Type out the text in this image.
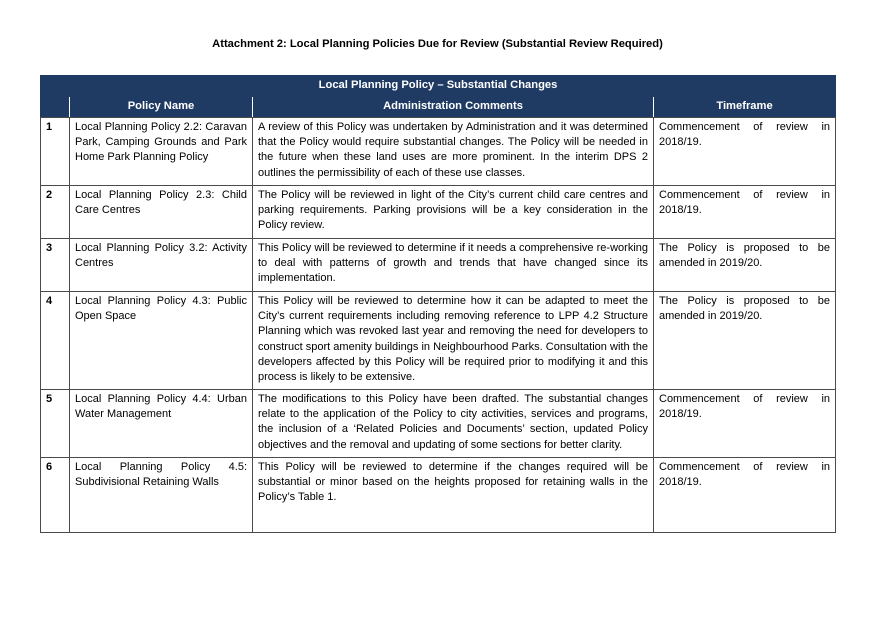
Attachment 2: Local Planning Policies Due for Review (Substantial Review Required)
Local Planning Policy – Substantial Changes			
	Policy Name	Administration Comments	Timeframe
1	Local Planning Policy 2.2: Caravan Park, Camping Grounds and Park Home Park Planning Policy	A review of this Policy was undertaken by Administration and it was determined that the Policy would require substantial changes. The Policy will be needed in the future when these land uses are more prominent. In the interim DPS 2 outlines the permissibility of each of these use classes.	Commencement of review in 2018/19.
2	Local Planning Policy 2.3: Child Care Centres	The Policy will be reviewed in light of the City’s current child care centres and parking requirements. Parking provisions will be a key consideration in the Policy review.	Commencement of review in 2018/19.
3	Local Planning Policy 3.2: Activity Centres	This Policy will be reviewed to determine if it needs a comprehensive re-working to deal with patterns of growth and trends that have changed since its implementation.	The Policy is proposed to be amended in 2019/20.
4	Local Planning Policy 4.3: Public Open Space	This Policy will be reviewed to determine how it can be adapted to meet the City’s current requirements including removing reference to LPP 4.2 Structure Planning which was revoked last year and removing the need for developers to construct sport amenity buildings in Neighbourhood Parks. Consultation with the developers affected by this Policy will be required prior to modifying it and this process is likely to be extensive.	The Policy is proposed to be amended in 2019/20.
5	Local Planning Policy 4.4: Urban Water Management	The modifications to this Policy have been drafted. The substantial changes relate to the application of the Policy to city activities, services and programs, the inclusion of a ‘Related Policies and Documents’ section, updated Policy objectives and the removal and updating of some sections for better clarity.	Commencement of review in 2018/19.
6	Local Planning Policy 4.5: Subdivisional Retaining Walls	This Policy will be reviewed to determine if the changes required will be substantial or minor based on the heights proposed for retaining walls in the Policy’s Table 1.	Commencement of review in 2018/19.
